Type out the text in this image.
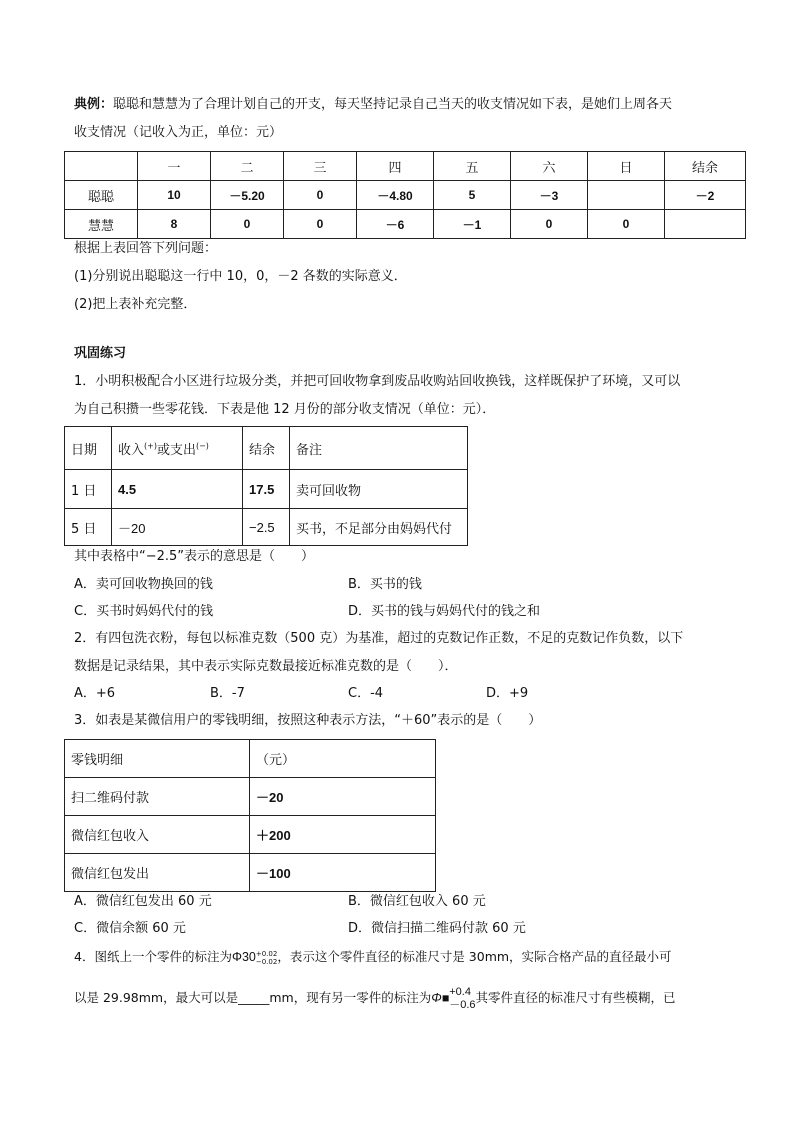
典例：聪聪和慧慧为了合理计划自己的开支，每天坚持记录自己当天的收支情况如下表，是她们上周各天
收支情况（记收入为正，单位：元）
	一	二	三	四	五	六	日	结余
聪聪	10	－5.20	0	－4.80	5	－3		－2
慧慧	8	0	0	－6	－1	0	0	
根据上表回答下列问题：
(1)分别说出聪聪这一行中 10，0，－2 各数的实际意义．
(2)把上表补充完整．
巩固练习
1．小明积极配合小区进行垃圾分类，并把可回收物拿到废品收购站回收换钱，这样既保护了环境，又可以
为自己积攒一些零花钱．下表是他 12 月份的部分收支情况（单位：元）．
日期	收入(+)或支出(−)	结余	备注
1 日	4.5	17.5	卖可回收物
5 日	－20	−2.5	买书，不足部分由妈妈代付
其中表格中“−2.5”表示的意思是（　　）
A．卖可回收物换回的钱	B．买书的钱
C．买书时妈妈代付的钱	D．买书的钱与妈妈代付的钱之和
2．有四包洗衣粉，每包以标准克数（500 克）为基准，超过的克数记作正数，不足的克数记作负数，以下
数据是记录结果，其中表示实际克数最接近标准克数的是（　　）．
A．+6	B．-7	C．-4	D．+9
3．如表是某微信用户的零钱明细，按照这种表示方法，“＋60”表示的是（　　）
零钱明细	（元）
扫二维码付款	－20
微信红包收入	＋200
微信红包发出	－100
A．微信红包发出 60 元	B．微信红包收入 60 元
C．微信余额 60 元	D．微信扫描二维码付款 60 元
4．图纸上一个零件的标注为Φ30+0.02
−0.02，表示这个零件直径的标准尺寸是 30mm，实际合格产品的直径最小可
以是 29.98mm，最大可以是_____mm，现有另一零件的标注为Φ■+0.4
－0.6其零件直径的标准尺寸有些模糊，已
